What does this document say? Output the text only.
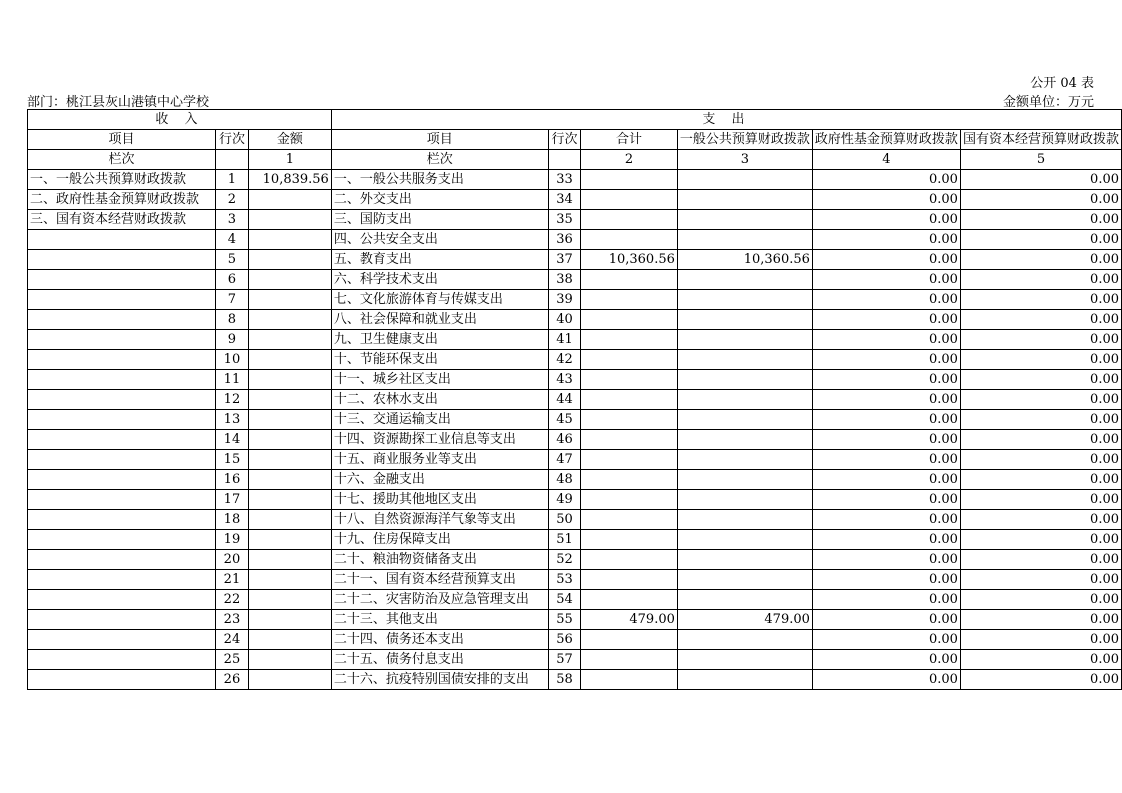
公开 04 表
部门：桃江县灰山港镇中心学校	金额单位：万元
收 入			支 出					
项目	行次	金额	项目	行次	合计	一般公共预算财政拨款	政府性基金预算财政拨款	国有资本经营预算财政拨款
栏次		1	栏次		2	3	4	5
一、一般公共预算财政拨款	1	10,839.56	一、一般公共服务支出	33			0.00	0.00
二、政府性基金预算财政拨款	2		二、外交支出	34			0.00	0.00
三、国有资本经营财政拨款	3		三、国防支出	35			0.00	0.00
	4		四、公共安全支出	36			0.00	0.00
	5		五、教育支出	37	10,360.56	10,360.56	0.00	0.00
	6		六、科学技术支出	38			0.00	0.00
	7		七、文化旅游体育与传媒支出	39			0.00	0.00
	8		八、社会保障和就业支出	40			0.00	0.00
	9		九、卫生健康支出	41			0.00	0.00
	10		十、节能环保支出	42			0.00	0.00
	11		十一、城乡社区支出	43			0.00	0.00
	12		十二、农林水支出	44			0.00	0.00
	13		十三、交通运输支出	45			0.00	0.00
	14		十四、资源勘探工业信息等支出	46			0.00	0.00
	15		十五、商业服务业等支出	47			0.00	0.00
	16		十六、金融支出	48			0.00	0.00
	17		十七、援助其他地区支出	49			0.00	0.00
	18		十八、自然资源海洋气象等支出	50			0.00	0.00
	19		十九、住房保障支出	51			0.00	0.00
	20		二十、粮油物资储备支出	52			0.00	0.00
	21		二十一、国有资本经营预算支出	53			0.00	0.00
	22		二十二、灾害防治及应急管理支出	54			0.00	0.00
	23		二十三、其他支出	55	479.00	479.00	0.00	0.00
	24		二十四、债务还本支出	56			0.00	0.00
	25		二十五、债务付息支出	57			0.00	0.00
	26		二十六、抗疫特别国债安排的支出	58			0.00	0.00
